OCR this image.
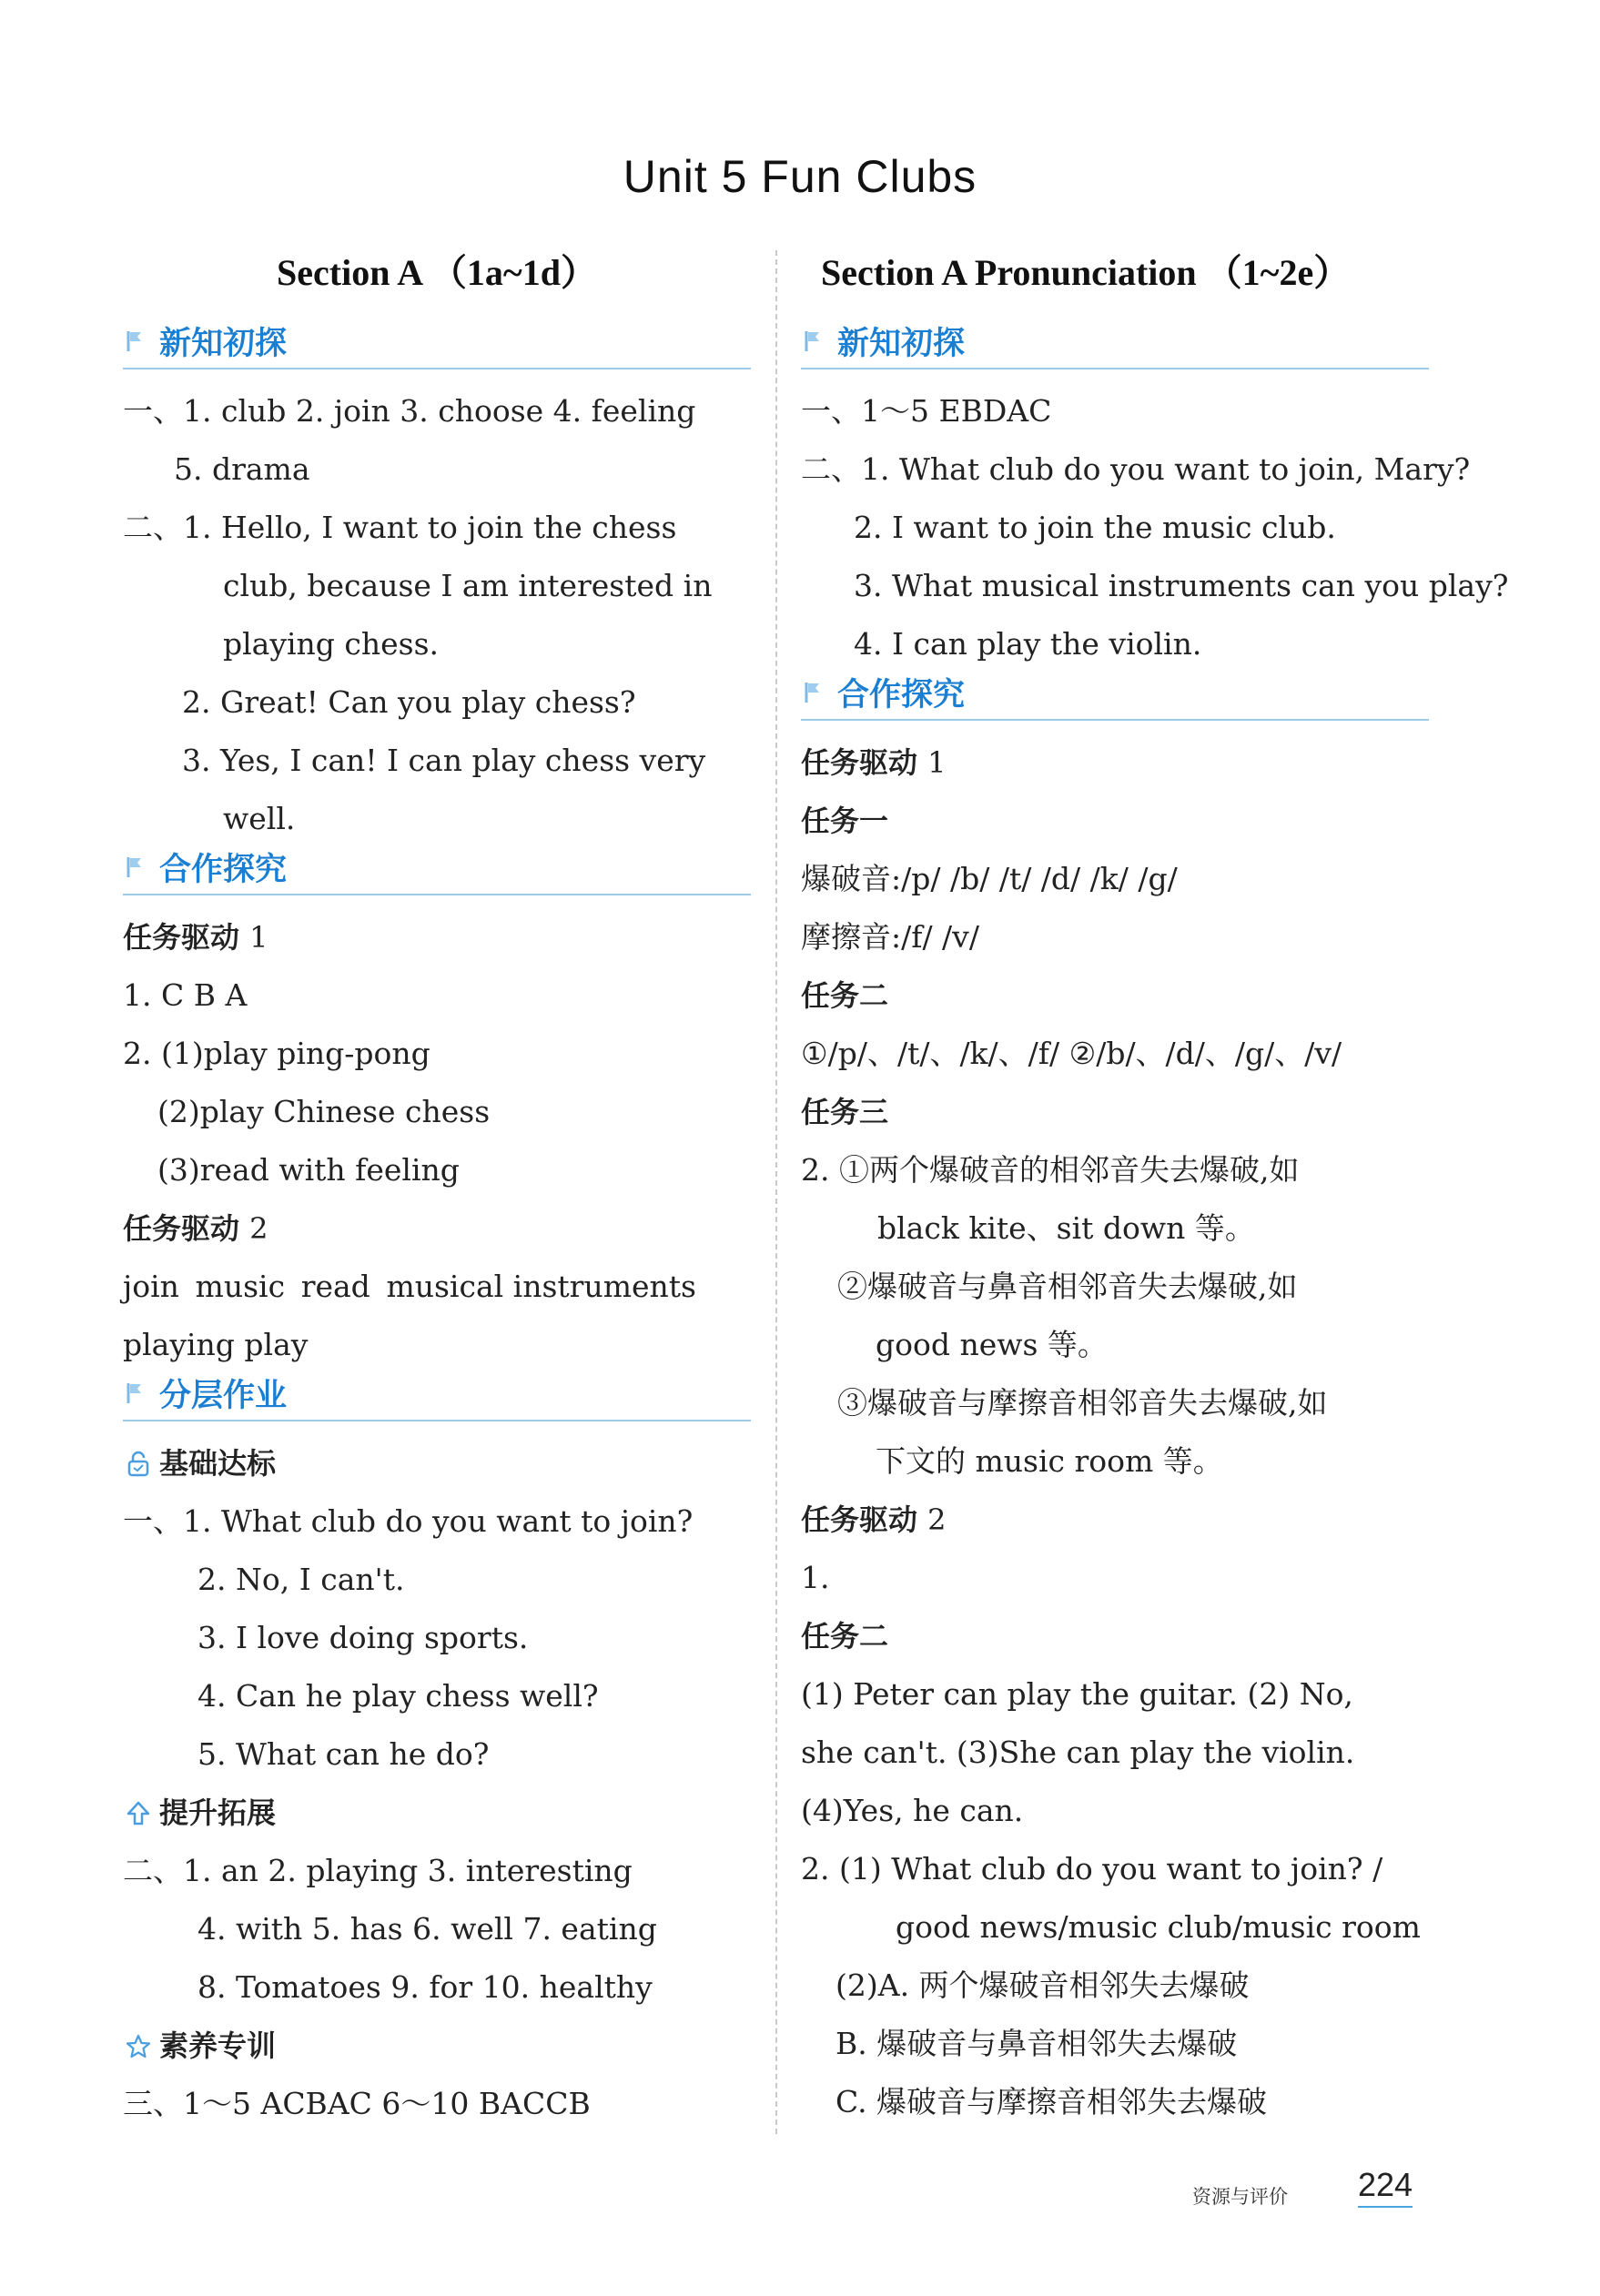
Unit 5 Fun Clubs
Section A （1a~1d）
新知初探
一、1. club 2. join 3. choose 4. feeling
5. drama
二、1. Hello, I want to join the chess
club, because I am interested in
playing chess.
2. Great! Can you play chess?
3. Yes, I can! I can play chess very
well.
合作探究
任务驱动 1
1. C B A
2. (1)play ping-pong
(2)play Chinese chess
(3)read with feeling
任务驱动 2
join music read musical instruments
playing play
分层作业
基础达标
一、1. What club do you want to join?
2. No, I can't.
3. I love doing sports.
4. Can he play chess well?
5. What can he do?
提升拓展
二、1. an 2. playing 3. interesting
4. with 5. has 6. well 7. eating
8. Tomatoes 9. for 10. healthy
素养专训
三、1～5 ACBAC 6～10 BACCB
Section A Pronunciation （1~2e）
新知初探
一、1～5 EBDAC
二、1. What club do you want to join, Mary?
2. I want to join the music club.
3. What musical instruments can you play?
4. I can play the violin.
合作探究
任务驱动 1
任务一
爆破音:/p/ /b/ /t/ /d/ /k/ /g/
摩擦音:/f/ /v/
任务二
①/p/、/t/、/k/、/f/ ②/b/、/d/、/g/、/v/
任务三
2. ①两个爆破音的相邻音失去爆破,如
black kite、sit down 等。
②爆破音与鼻音相邻音失去爆破,如
good news 等。
③爆破音与摩擦音相邻音失去爆破,如
下文的 music room 等。
任务驱动 2
1.
任务二
(1) Peter can play the guitar. (2) No,
she can't. (3)She can play the violin.
(4)Yes, he can.
2. (1) What club do you want to join? /
good news/music club/music room
(2)A. 两个爆破音相邻失去爆破
B. 爆破音与鼻音相邻失去爆破
C. 爆破音与摩擦音相邻失去爆破
资源与评价 224
